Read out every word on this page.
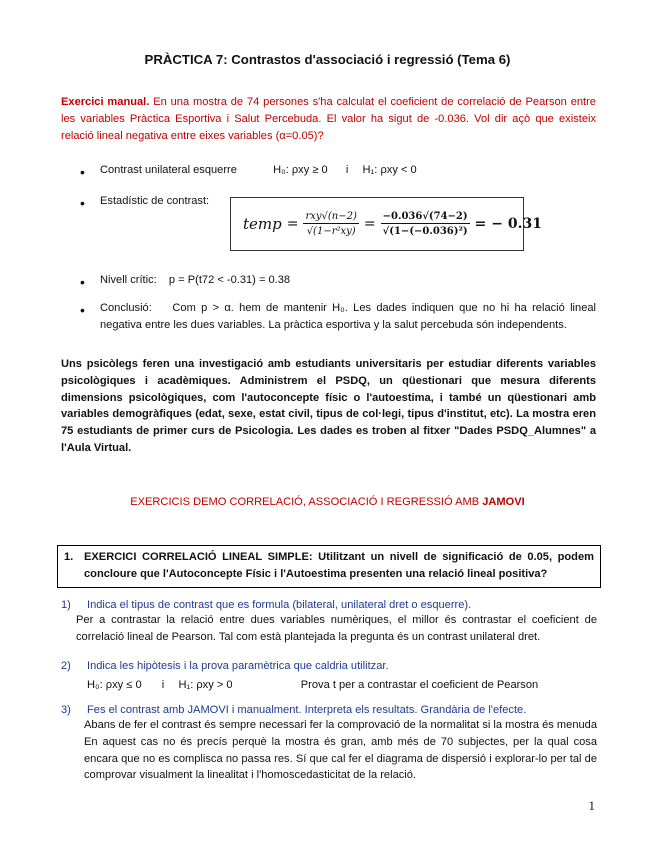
PRÀCTICA 7: Contrastos d'associació i regressió (Tema 6)
Exercici manual. En una mostra de 74 persones s'ha calculat el coeficient de correlació de Pearson entre les variables Pràctica Esportiva i Salut Percebuda. El valor ha sigut de -0.036. Vol dir açò que existeix relació lineal negativa entre eixes variables (α=0.05)?
• Contrast unilateral esquerre	H₀: ρxy ≥ 0 i H₁: ρxy < 0
• Estadístic de contrast:
temp = $\frac{\text{rxy√(n−2)}}{\text{√(1−r²xy)}} = \frac{-0.036√(74-2)}{\text{√(1−(−0.036)²)}}$ = − 0.31
• Nivell crític: p = P(t72 < -0.31) = 0.38
• Conclusió: Com p > α. hem de mantenir H₀. Les dades indiquen que no hi ha relació lineal negativa entre les dues variables. La pràctica esportiva y la salut percebuda són independents.
Uns psicòlegs feren una investigació amb estudiants universitaris per estudiar diferents variables psicològiques i acadèmiques. Administrem el PSDQ, un qüestionari que mesura diferents dimensions psicològiques, com l'autoconcepte físic o l'autoestima, i també un qüestionari amb variables demogràfiques (edat, sexe, estat civil, tipus de col·legi, tipus d'institut, etc). La mostra eren 75 estudiants de primer curs de Psicologia. Les dades es troben al fitxer "Dades PSDQ_Alumnes" a l'Aula Virtual.
EXERCICIS DEMO CORRELACIÓ, ASSOCIACIÓ I REGRESSIÓ AMB JAMOVI
1. EXERCICI CORRELACIÓ LINEAL SIMPLE: Utilitzant un nivell de significació de 0.05, podem concloure que l'Autoconcepte Físic i l'Autoestima presenten una relació lineal positiva?
1) Indica el tipus de contrast que es formula (bilateral, unilateral dret o esquerre).
Per a contrastar la relació entre dues variables numèriques, el millor és contrastar el coeficient de correlació lineal de Pearson. Tal com està plantejada la pregunta és un contrast unilateral dret.
2) Indica les hipòtesis i la prova paramètrica que caldria utilitzar.
H₀: ρxy ≤ 0 i H₁: ρxy > 0	Prova t per a contrastar el coeficient de Pearson
3) Fes el contrast amb JAMOVI i manualment. Interpreta els resultats. Grandària de l'efecte.
Abans de fer el contrast és sempre necessari fer la comprovació de la normalitat si la mostra és menuda En aquest cas no és precís perquè la mostra és gran, amb més de 70 subjectes, per la qual cosa encara que no es complisca no passa res. Sí que cal fer el diagrama de dispersió i explorar-lo per tal de comprovar visualment la linealitat i l'homoscedasticitat de la relació.
1
